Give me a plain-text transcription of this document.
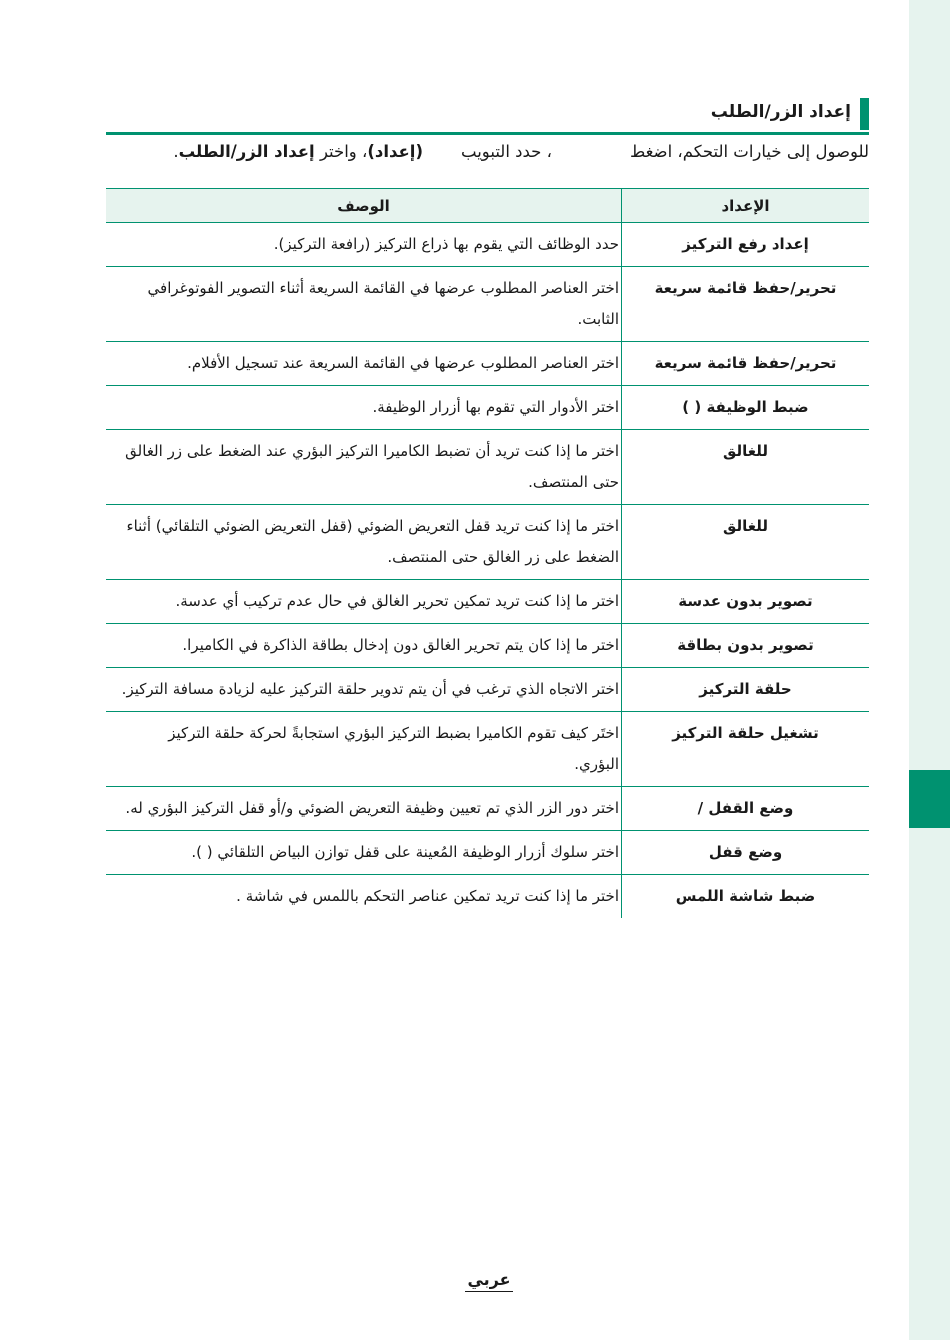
إعداد الزر/الطلب
للوصول إلى خيارات التحكم، اضغط، حدد التبويب(إعداد)، واختر إعداد الزر/الطلب.
الإعداد	الوصف
إعداد رفع التركيز	حدد الوظائف التي يقوم بها ذراع التركيز (رافعة التركيز).
تحرير/حفظ قائمة سريعة	اختر العناصر المطلوب عرضها في القائمة السريعة أثناء التصوير الفوتوغرافي الثابت.
تحرير/حفظ قائمة سريعة	اختر العناصر المطلوب عرضها في القائمة السريعة عند تسجيل الأفلام.
ضبط الوظيفة ( )	اختر الأدوار التي تقوم بها أزرار الوظيفة.
للغالق	اختر ما إذا كنت تريد أن تضبط الكاميرا التركيز البؤري عند الضغط على زر الغالق حتى المنتصف.
للغالق	اختر ما إذا كنت تريد قفل التعريض الضوئي (قفل التعريض الضوئي التلقائي) أثناء الضغط على زر الغالق حتى المنتصف.
تصوير بدون عدسة	اختر ما إذا كنت تريد تمكين تحرير الغالق في حال عدم تركيب أي عدسة.
تصوير بدون بطاقة	اختر ما إذا كان يتم تحرير الغالق دون إدخال بطاقة الذاكرة في الكاميرا.
حلقة التركيز	اختر الاتجاه الذي ترغب في أن يتم تدوير حلقة التركيز عليه لزيادة مسافة التركيز.
تشغيل حلقة التركيز	اختَر كيف تقوم الكاميرا بضبط التركيز البؤري استجابةً لحركة حلقة التركيز البؤري.
وضع القفل /	اختر دور الزر الذي تم تعيين وظيفة التعريض الضوئي و/أو قفل التركيز البؤري له.
وضع قفل	اختر سلوك أزرار الوظيفة المُعينة على قفل توازن البياض التلقائي ( ).
ضبط شاشة اللمس	اختر ما إذا كنت تريد تمكين عناصر التحكم باللمس في شاشة .
عربي
